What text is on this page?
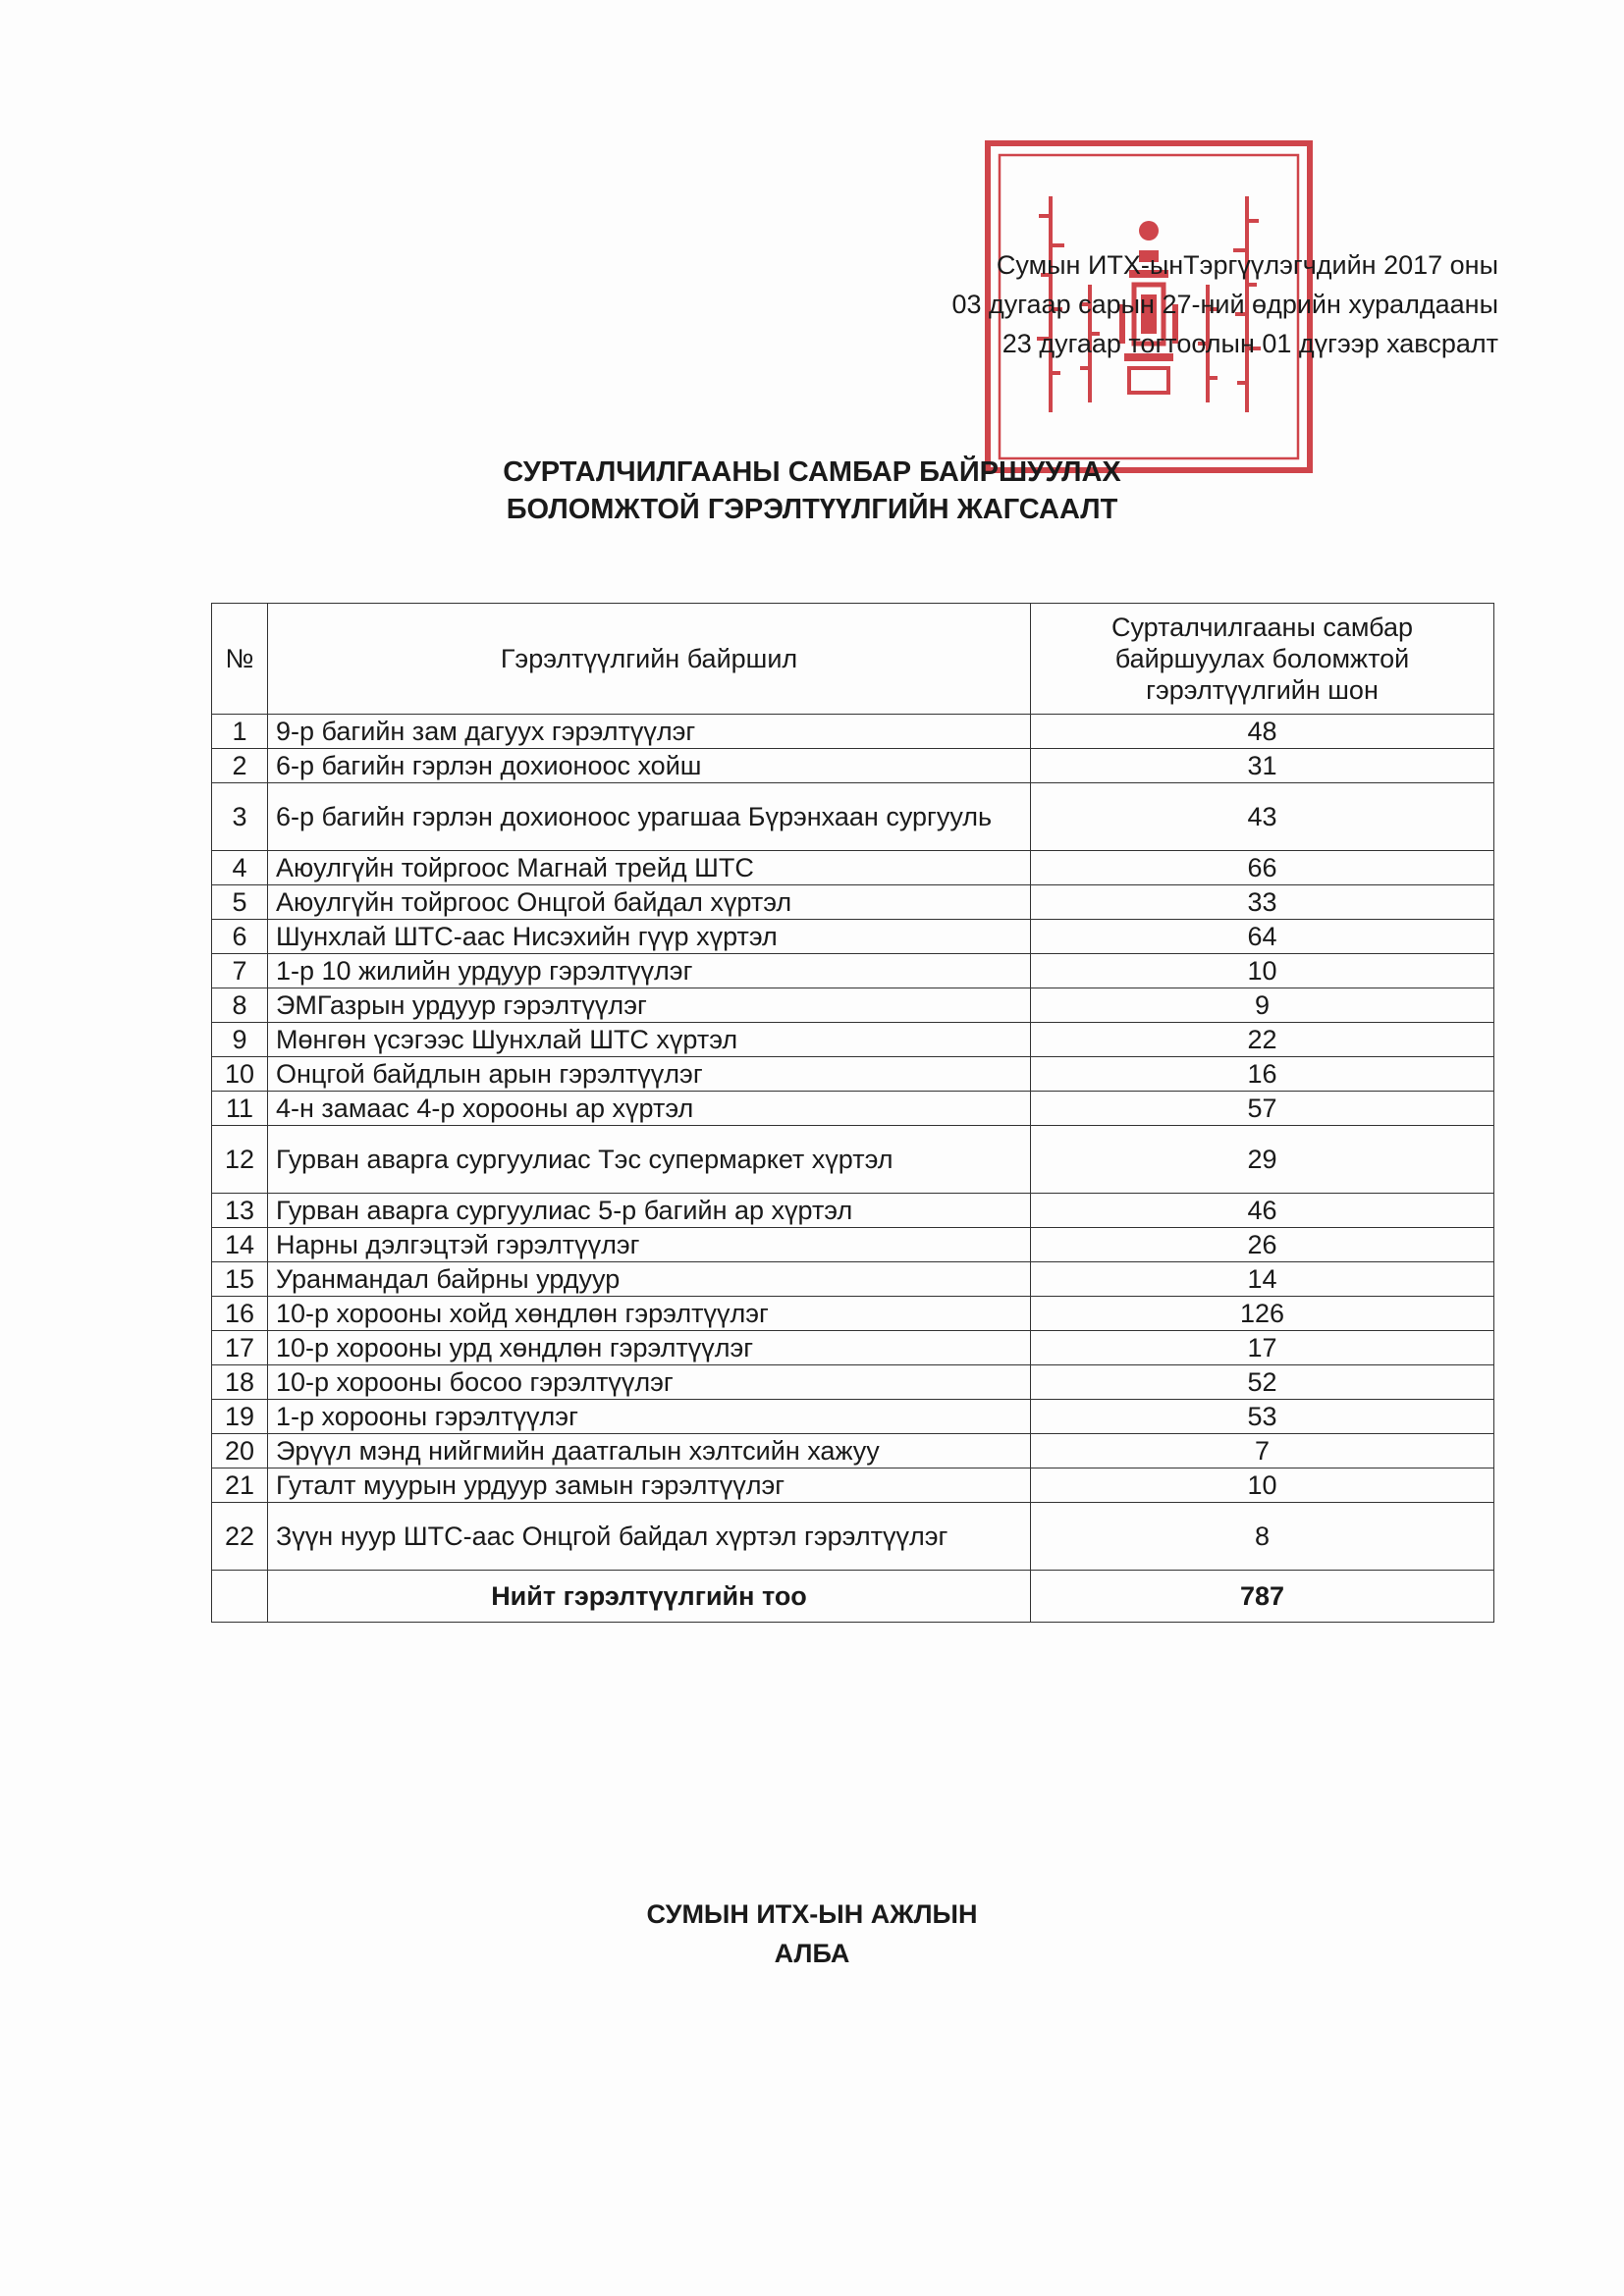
Сумын ИТХ-ынТэргүүлэгчдийн 2017 оны
03 дугаар сарын 27-ний өдрийн хуралдааны
23 дугаар тогтоолын 01 дүгээр хавсралт
СУРТАЛЧИЛГААНЫ САМБАР БАЙРШУУЛАХ
БОЛОМЖТОЙ ГЭРЭЛТҮҮЛГИЙН ЖАГСААЛТ
№	Гэрэлтүүлгийн байршил	Сурталчилгааны самбар
байршуулах боломжтой
гэрэлтүүлгийн шон

1	9-р багийн зам дагуух гэрэлтүүлэг	48
2	6-р багийн гэрлэн дохионоос хойш	31
3	6-р багийн гэрлэн дохионоос урагшаа Бүрэнхаан сургууль	43
4	Аюулгүйн тойргоос Магнай трейд ШТС	66
5	Аюулгүйн тойргоос Онцгой байдал хүртэл	33
6	Шунхлай ШТС-аас Нисэхийн гүүр хүртэл	64
7	1-р 10 жилийн урдуур гэрэлтүүлэг	10
8	ЭМГазрын урдуур гэрэлтүүлэг	9
9	Мөнгөн үсэгээс Шунхлай ШТС хүртэл	22
10	Онцгой байдлын арын гэрэлтүүлэг	16
11	4-н замаас 4-р хорооны ар хүртэл	57
12	Гурван аварга сургуулиас Тэс супермаркет хүртэл	29
13	Гурван аварга сургуулиас 5-р багийн ар хүртэл	46
14	Нарны дэлгэцтэй гэрэлтүүлэг	26
15	Уранмандал байрны урдуур	14
16	10-р хорооны хойд хөндлөн гэрэлтүүлэг	126
17	10-р хорооны урд хөндлөн гэрэлтүүлэг	17
18	10-р хорооны босоо гэрэлтүүлэг	52
19	1-р хорооны гэрэлтүүлэг	53
20	Эрүүл мэнд нийгмийн даатгалын хэлтсийн хажуу	7
21	Гуталт муурын урдуур замын гэрэлтүүлэг	10
22	Зүүн нуур ШТС-аас Онцгой байдал хүртэл гэрэлтүүлэг	8
	Нийт гэрэлтүүлгийн тоо	787
СУМЫН ИТХ-ЫН АЖЛЫН
АЛБА
